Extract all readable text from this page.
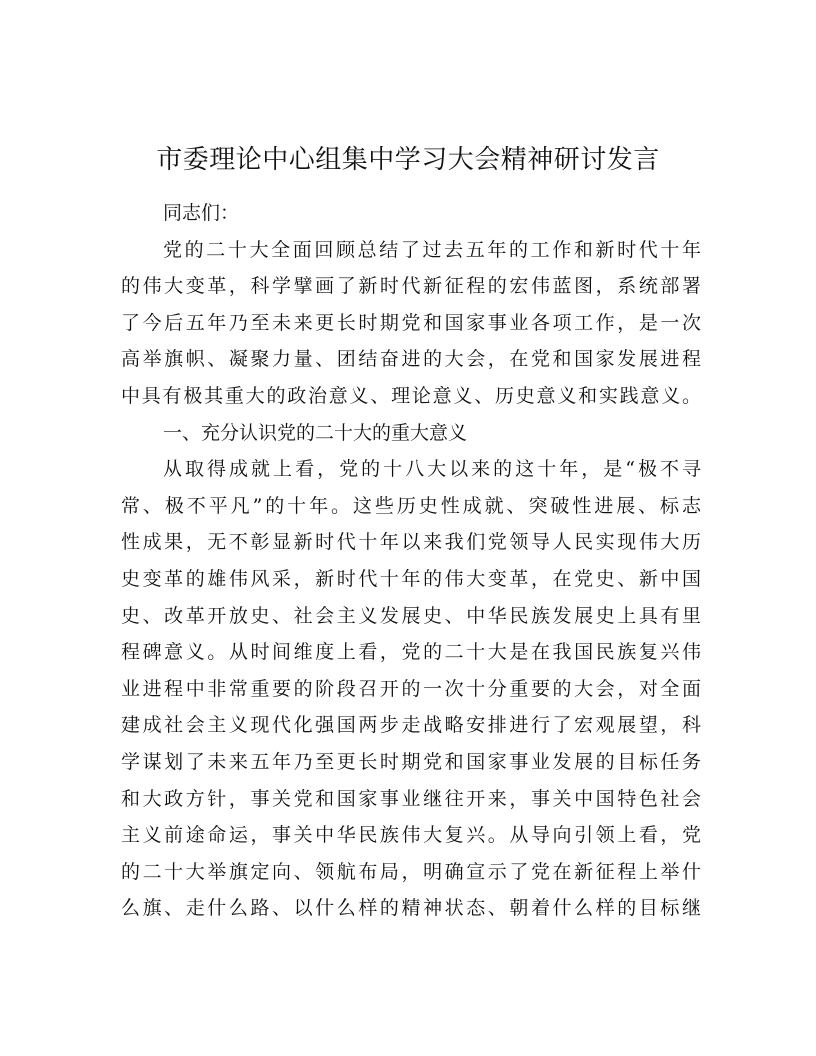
市委理论中心组集中学习大会精神研讨发言
同志们：
党的二十大全面回顾总结了过去五年的工作和新时代十年
的伟大变革，科学擘画了新时代新征程的宏伟蓝图，系统部署
了今后五年乃至未来更长时期党和国家事业各项工作，是一次
高举旗帜、凝聚力量、团结奋进的大会，在党和国家发展进程
中具有极其重大的政治意义、理论意义、历史意义和实践意义。
一、充分认识党的二十大的重大意义
从取得成就上看，党的十八大以来的这十年，是“极不寻
常、极不平凡”的十年。这些历史性成就、突破性进展、标志
性成果，无不彰显新时代十年以来我们党领导人民实现伟大历
史变革的雄伟风采，新时代十年的伟大变革，在党史、新中国
史、改革开放史、社会主义发展史、中华民族发展史上具有里
程碑意义。从时间维度上看，党的二十大是在我国民族复兴伟
业进程中非常重要的阶段召开的一次十分重要的大会，对全面
建成社会主义现代化强国两步走战略安排进行了宏观展望，科
学谋划了未来五年乃至更长时期党和国家事业发展的目标任务
和大政方针，事关党和国家事业继往开来，事关中国特色社会
主义前途命运，事关中华民族伟大复兴。从导向引领上看，党
的二十大举旗定向、领航布局，明确宣示了党在新征程上举什
么旗、走什么路、以什么样的精神状态、朝着什么样的目标继
